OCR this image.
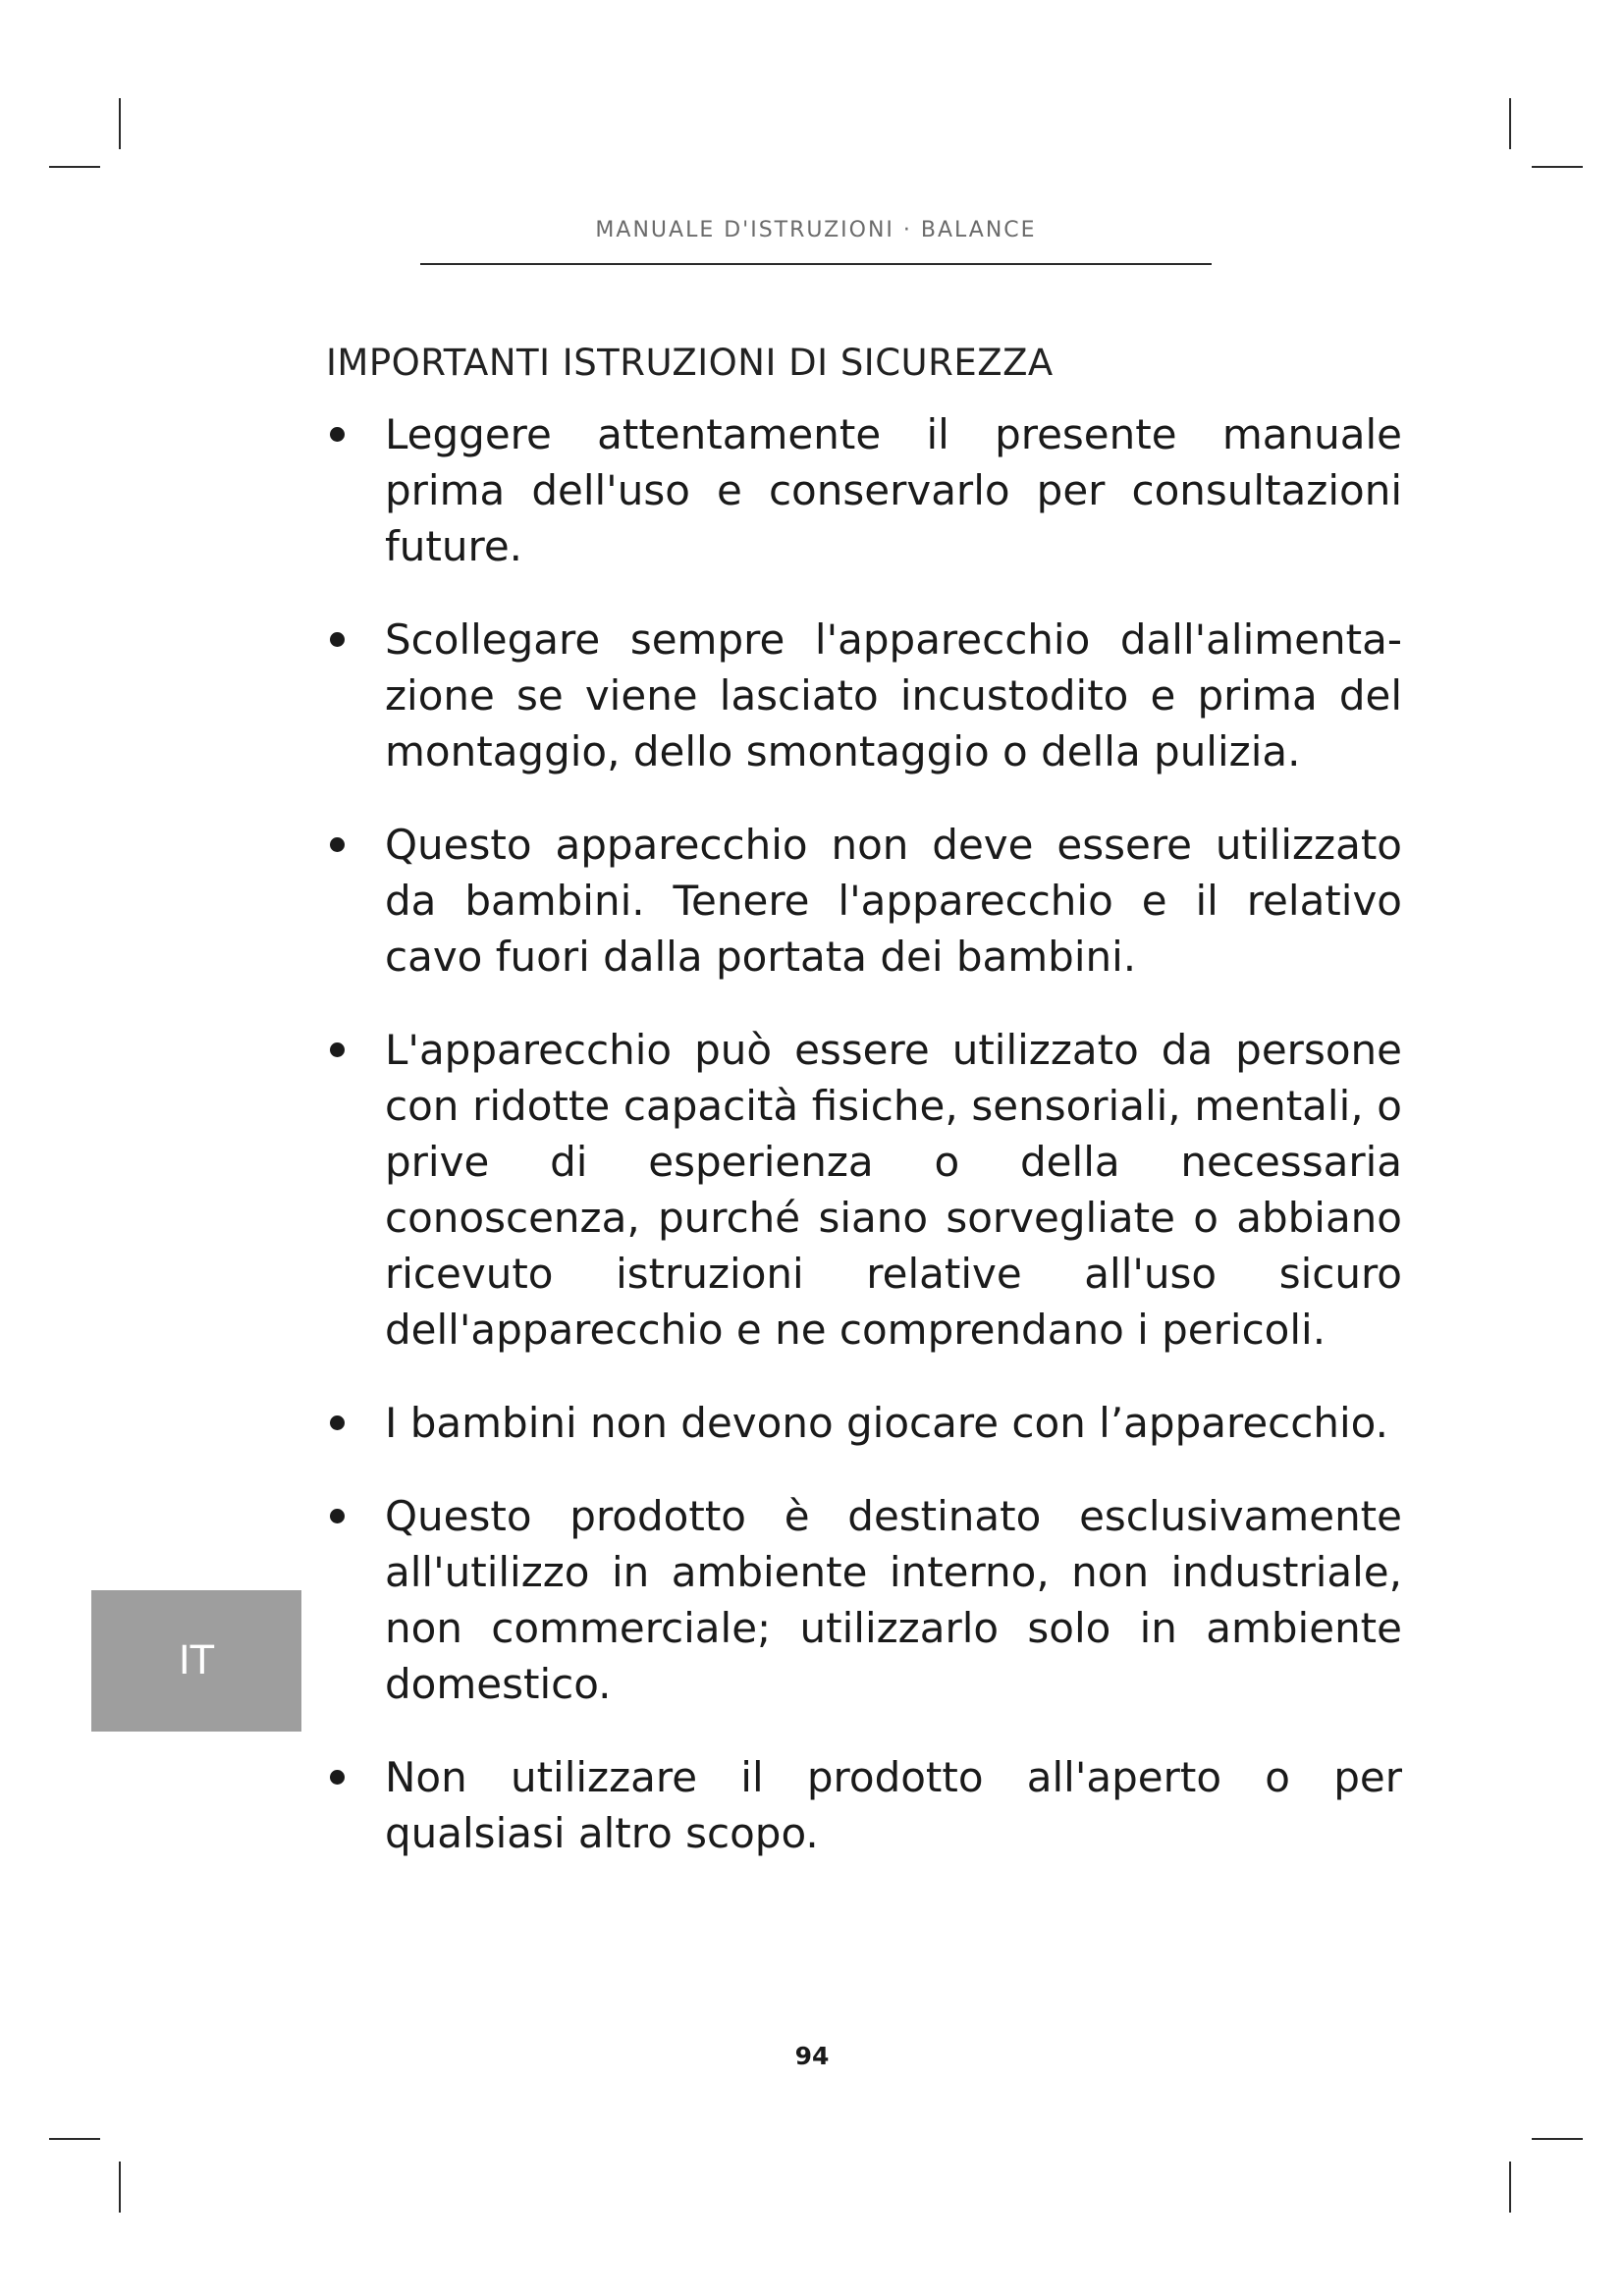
MANUALE D'ISTRUZIONI · BALANCE
IMPORTANTI ISTRUZIONI DI SICUREZZA
Leggere attentamente il presente manuale prima dell'uso e conservarlo per consultazioni future.
Scollegare sempre l'apparecchio dall'alimentazione se viene lasciato incustodito e prima del montaggio, dello smontaggio o della pulizia.
Questo apparecchio non deve essere utilizzato da bambini. Tenere l'apparecchio e il relativo cavo fuori dalla portata dei bambini.
L'apparecchio può essere utilizzato da persone con ridotte capacità fisiche, sensoriali, mentali, o prive di esperienza o della necessaria conoscenza, purché siano sorvegliate o abbiano ricevuto istruzioni relative all'uso sicuro dell'apparecchio e ne comprendano i pericoli.
I bambini non devono giocare con l’apparecchio.
Questo prodotto è destinato esclusivamente all'utilizzo in ambiente interno, non industriale, non commerciale; utilizzarlo solo in ambiente domestico.
Non utilizzare il prodotto all'aperto o per qualsiasi altro scopo.
IT
94
